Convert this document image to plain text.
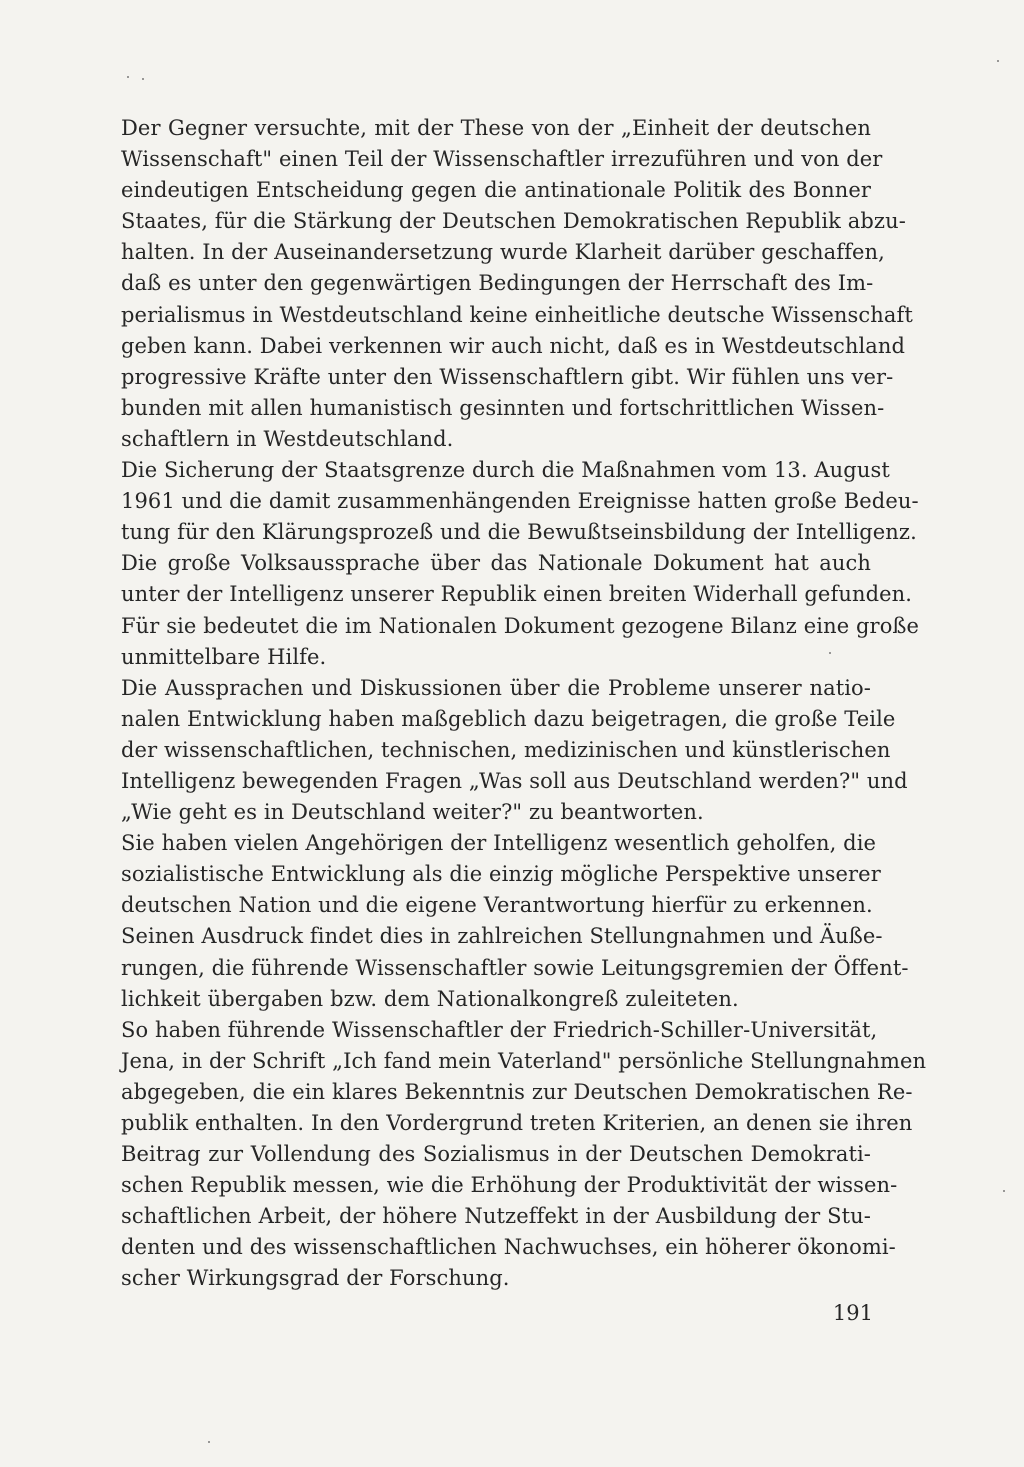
Der Gegner versuchte, mit der These von der „Einheit der deutschen
Wissenschaft" einen Teil der Wissenschaftler irrezuführen und von der
eindeutigen Entscheidung gegen die antinationale Politik des Bonner
Staates, für die Stärkung der Deutschen Demokratischen Republik abzu-
halten. In der Auseinandersetzung wurde Klarheit darüber geschaffen,
daß es unter den gegenwärtigen Bedingungen der Herrschaft des Im-
perialismus in Westdeutschland keine einheitliche deutsche Wissenschaft
geben kann. Dabei verkennen wir auch nicht, daß es in Westdeutschland
progressive Kräfte unter den Wissenschaftlern gibt. Wir fühlen uns ver-
bunden mit allen humanistisch gesinnten und fortschrittlichen Wissen-
schaftlern in Westdeutschland.
Die Sicherung der Staatsgrenze durch die Maßnahmen vom 13. August
1961 und die damit zusammenhängenden Ereignisse hatten große Bedeu-
tung für den Klärungsprozeß und die Bewußtseinsbildung der Intelligenz.
Die große Volksaussprache über das Nationale Dokument hat auch
unter der Intelligenz unserer Republik einen breiten Widerhall gefunden.
Für sie bedeutet die im Nationalen Dokument gezogene Bilanz eine große
unmittelbare Hilfe.
Die Aussprachen und Diskussionen über die Probleme unserer natio-
nalen Entwicklung haben maßgeblich dazu beigetragen, die große Teile
der wissenschaftlichen, technischen, medizinischen und künstlerischen
Intelligenz bewegenden Fragen „Was soll aus Deutschland werden?" und
„Wie geht es in Deutschland weiter?" zu beantworten.
Sie haben vielen Angehörigen der Intelligenz wesentlich geholfen, die
sozialistische Entwicklung als die einzig mögliche Perspektive unserer
deutschen Nation und die eigene Verantwortung hierfür zu erkennen.
Seinen Ausdruck findet dies in zahlreichen Stellungnahmen und Äuße-
rungen, die führende Wissenschaftler sowie Leitungsgremien der Öffent-
lichkeit übergaben bzw. dem Nationalkongreß zuleiteten.
So haben führende Wissenschaftler der Friedrich-Schiller-Universität,
Jena, in der Schrift „Ich fand mein Vaterland" persönliche Stellungnahmen
abgegeben, die ein klares Bekenntnis zur Deutschen Demokratischen Re-
publik enthalten. In den Vordergrund treten Kriterien, an denen sie ihren
Beitrag zur Vollendung des Sozialismus in der Deutschen Demokrati-
schen Republik messen, wie die Erhöhung der Produktivität der wissen-
schaftlichen Arbeit, der höhere Nutzeffekt in der Ausbildung der Stu-
denten und des wissenschaftlichen Nachwuchses, ein höherer ökonomi-
scher Wirkungsgrad der Forschung.
191
